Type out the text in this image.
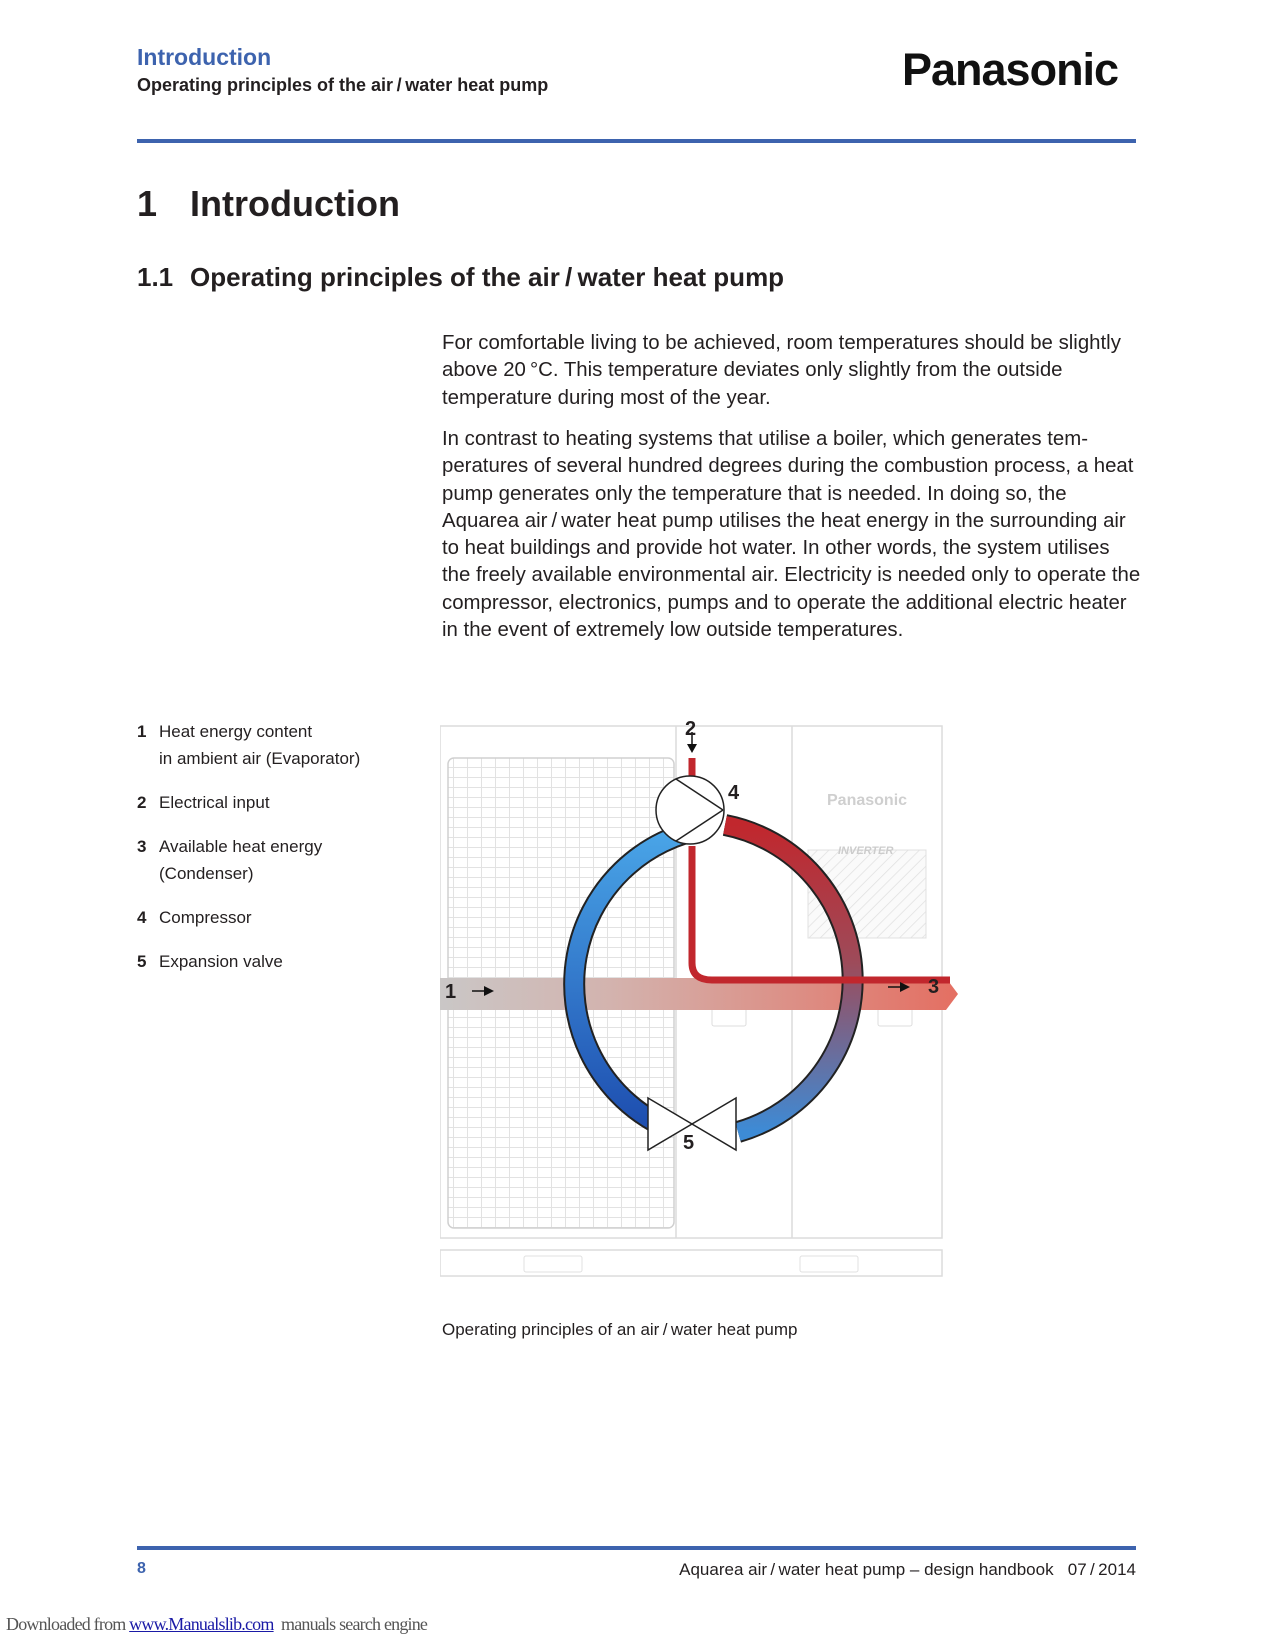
Introduction
Operating principles of the air / water heat pump	Panasonic
1 Introduction
1.1 Operating principles of the air / water heat pump

For comfortable living to be achieved, room temperatures should be slightly above 20 °C. This temperature deviates only slightly from the outside temperature during most of the year.

In contrast to heating systems that utilise a boiler, which generates temperatures of several hundred degrees during the combustion process, a heat pump generates only the temperature that is needed. In doing so, the Aquarea air / water heat pump utilises the heat energy in the surrounding air to heat buildings and provide hot water. In other words, the system utilises the freely available environmental air. Electricity is needed only to operate the compressor, electronics, pumps and to operate the additional electric heater in the event of extremely low outside temperatures.

1 Heat energy content
in ambient air (Evaporator)
2 Electrical input
3 Available heat energy
(Condenser)
4 Compressor
5 Expansion valve
Panasonic
INVERTER
2
4
1	3
5
Operating principles of an air / water heat pump
8	Aquarea air / water heat pump – design handbook   07 / 2014
Downloaded from www.Manualslib.com  manuals search engine
